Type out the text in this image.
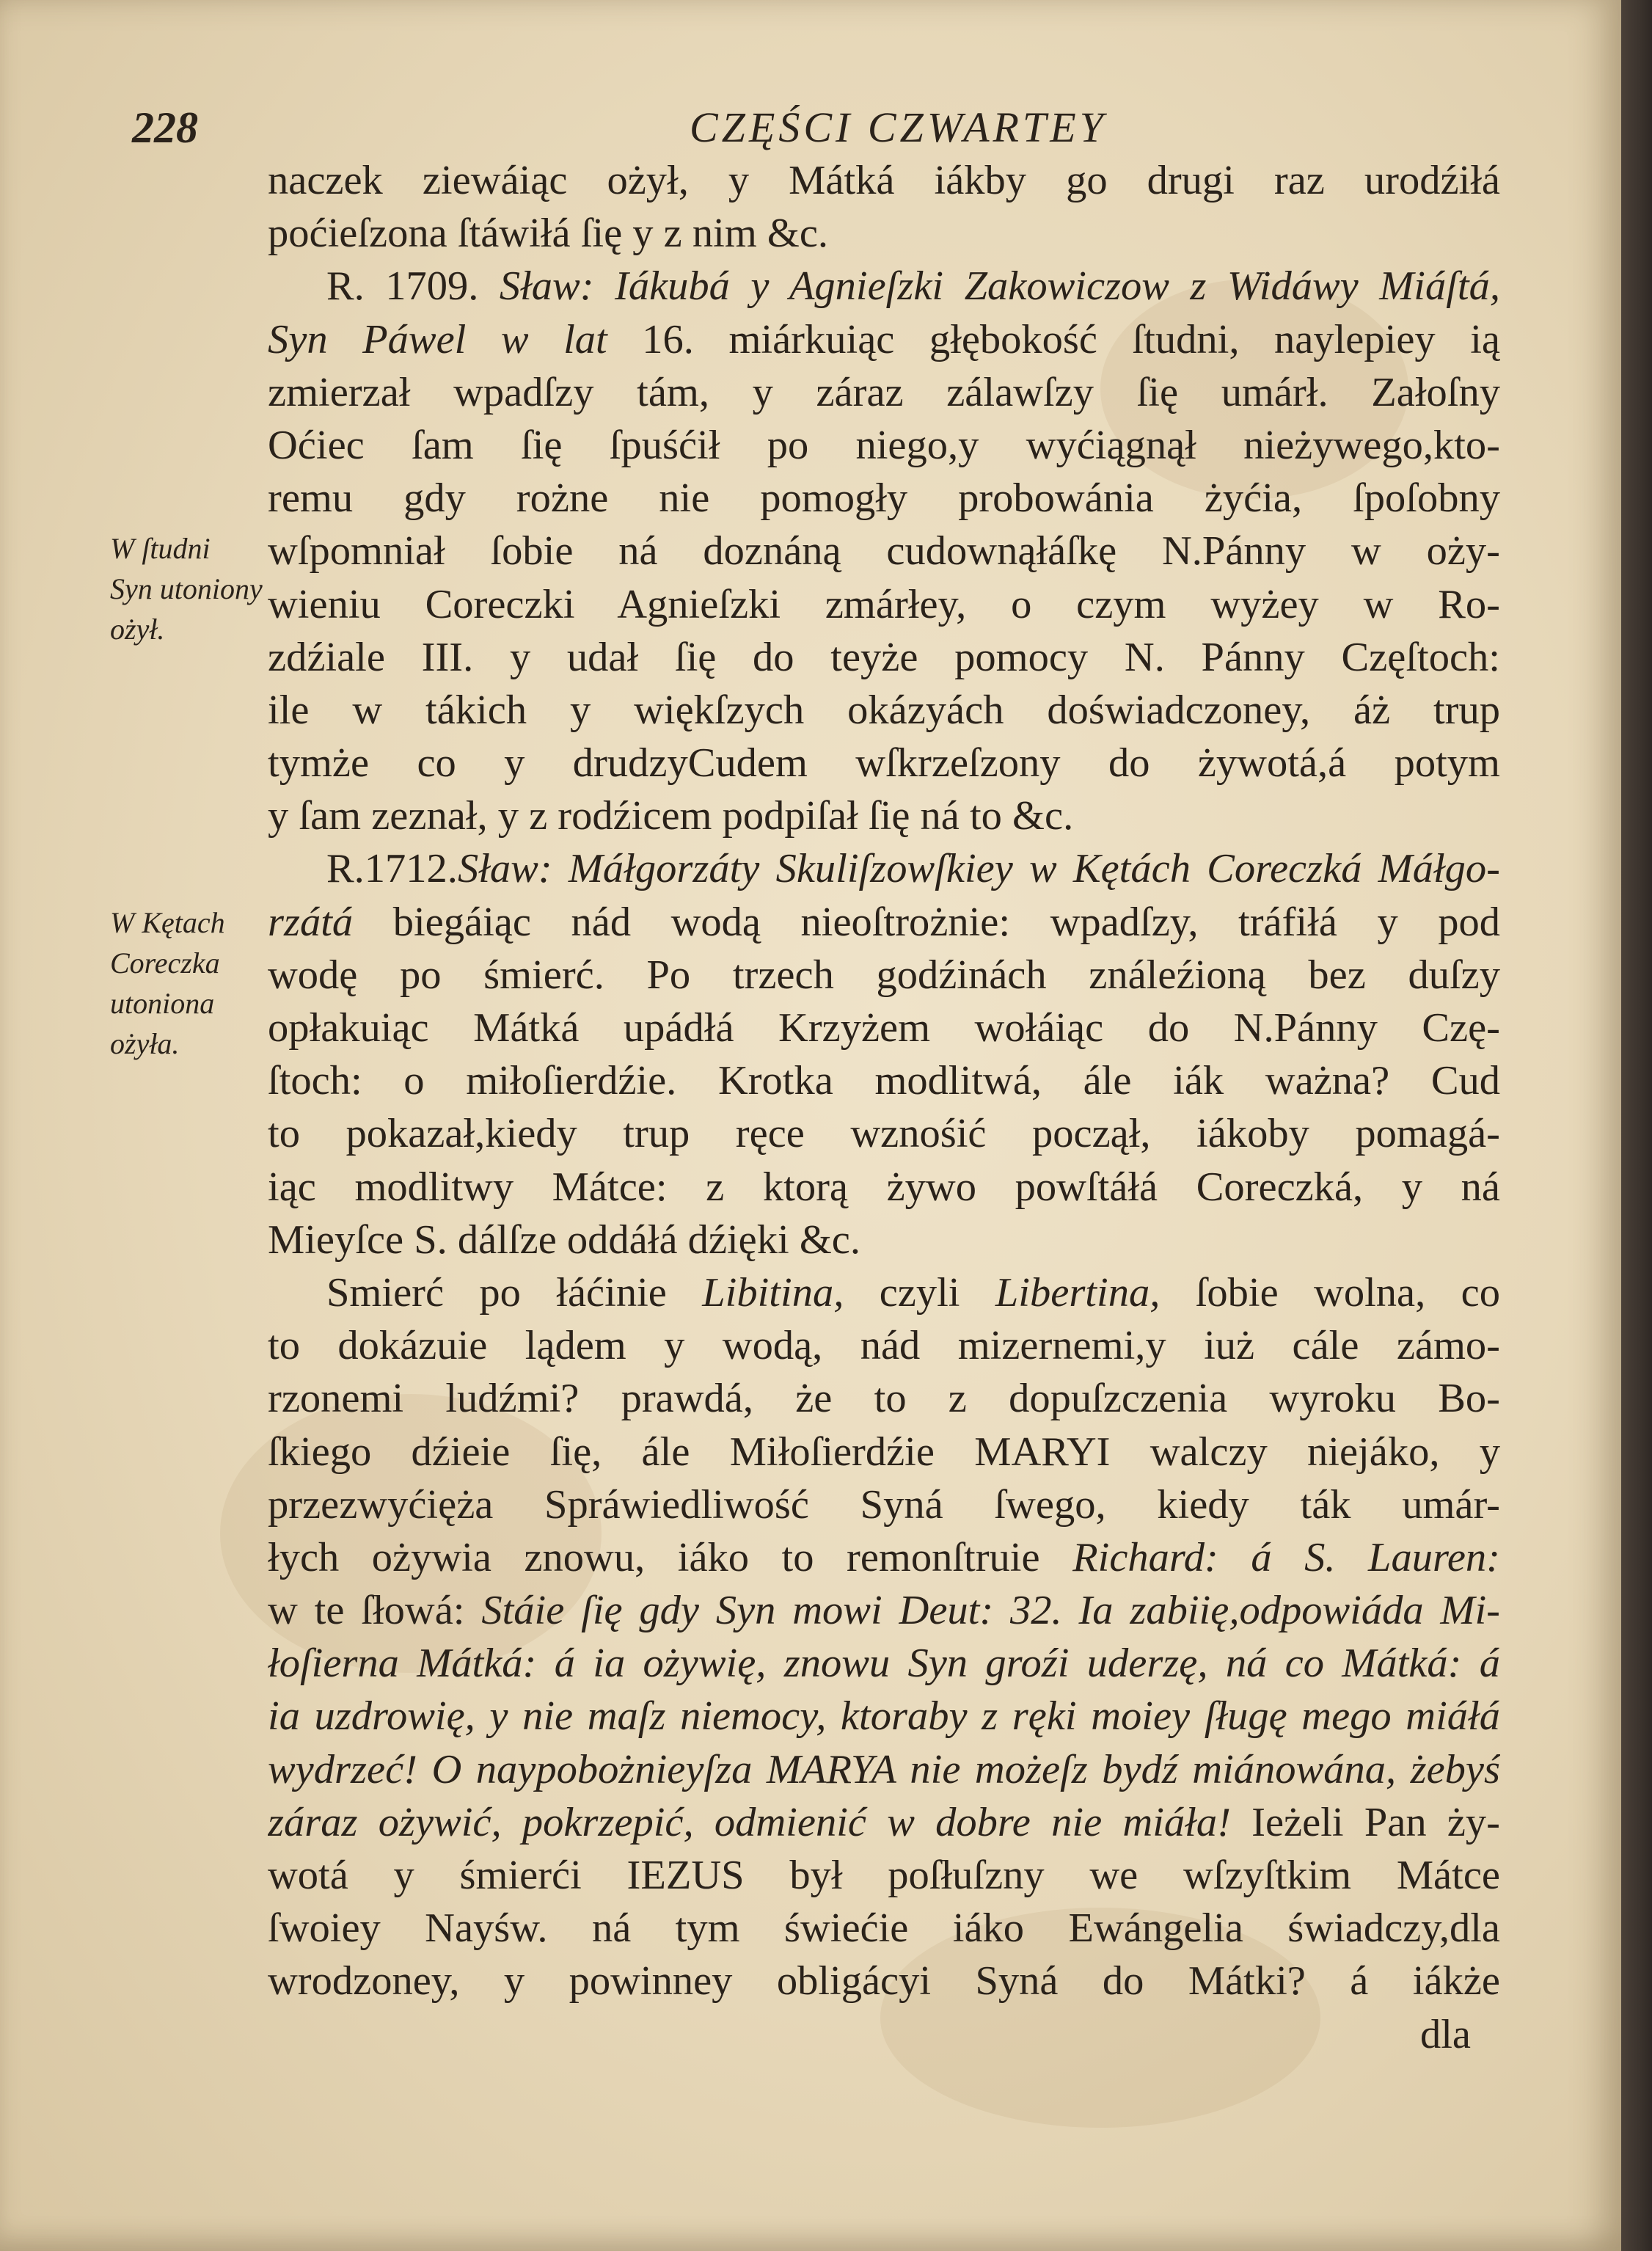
228	CZĘŚCI CZWARTEY
W ſtudni
Syn utoniony
ożył.
W Kętach
Coreczka
utoniona
ożyła.
naczek ziewáiąc ożył, y Mátká iákby go drugi raz urodźiłá
poćieſzona ſtáwiłá ſię y z nim &c.
R. 1709. Sław: Iákubá y Agnieſzki Zakowiczow z Widáwy Miáſtá,
Syn Páwel w lat 16. miárkuiąc głębokość ſtudni, naylepiey ią
zmierzał wpadſzy tám, y záraz zálawſzy ſię umárł. Załoſny
Oćiec ſam ſię ſpuśćił po niego,y wyćiągnął nieżywego,kto-
remu gdy rożne nie pomogły probowánia żyćia, ſpoſobny
wſpomniał ſobie ná doznáną cudownąłáſkę N.Pánny w oży-
wieniu Coreczki Agnieſzki zmárłey, o czym wyżey w Ro-
zdźiale III. y udał ſię do teyże pomocy N. Pánny Częſtoch:
ile w tákich y więkſzych okázyách doświadczoney, áż trup
tymże co y drudzyCudem wſkrzeſzony do żywotá,á potym
y ſam zeznał, y z rodźicem podpiſał ſię ná to &c.
R.1712.Sław: Máłgorzáty Skuliſzowſkiey w Kętách Coreczká Máłgo-
rzátá biegáiąc nád wodą nieoſtrożnie: wpadſzy, tráfiłá y pod
wodę po śmierć. Po trzech godźinách ználeźioną bez duſzy
opłakuiąc Mátká upádłá Krzyżem wołáiąc do N.Pánny Czę-
ſtoch: o miłoſierdźie. Krotka modlitwá, ále iák ważna? Cud
to pokazał,kiedy trup ręce wznośić począł, iákoby pomagá-
iąc modlitwy Mátce: z ktorą żywo powſtáłá Coreczká, y ná
Mieyſce S. dálſze oddáłá dźięki &c.
Smierć po łáćinie Libitina, czyli Libertina, ſobie wolna, co
to dokázuie lądem y wodą, nád mizernemi,y iuż cále zámo-
rzonemi ludźmi? prawdá, że to z dopuſzczenia wyroku Bo-
ſkiego dźieie ſię, ále Miłoſierdźie MARYI walczy niejáko, y
przezwyćięża Spráwiedliwość Syná ſwego, kiedy ták umár-
łych ożywia znowu, iáko to remonſtruie Richard: á S. Lauren:
w te ſłowá: Stáie ſię gdy Syn mowi Deut: 32. Ia zabiię,odpowiáda Mi-
łoſierna Mátká: á ia ożywię, znowu Syn groźi uderzę, ná co Mátká: á
ia uzdrowię, y nie maſz niemocy, ktoraby z ręki moiey ſługę mego miáłá
wydrzeć! O naypobożnieyſza MARYA nie możeſz bydź miánowána, żebyś
záraz ożywić, pokrzepić, odmienić w dobre nie miáła! Ieżeli Pan ży-
wotá y śmierći IEZUS był poſłuſzny we wſzyſtkim Mátce
ſwoiey Nayśw. ná tym świećie iáko Ewángelia świadczy,dla
wrodzoney, y powinney obligácyi Syná do Mátki? á iákże
dla
